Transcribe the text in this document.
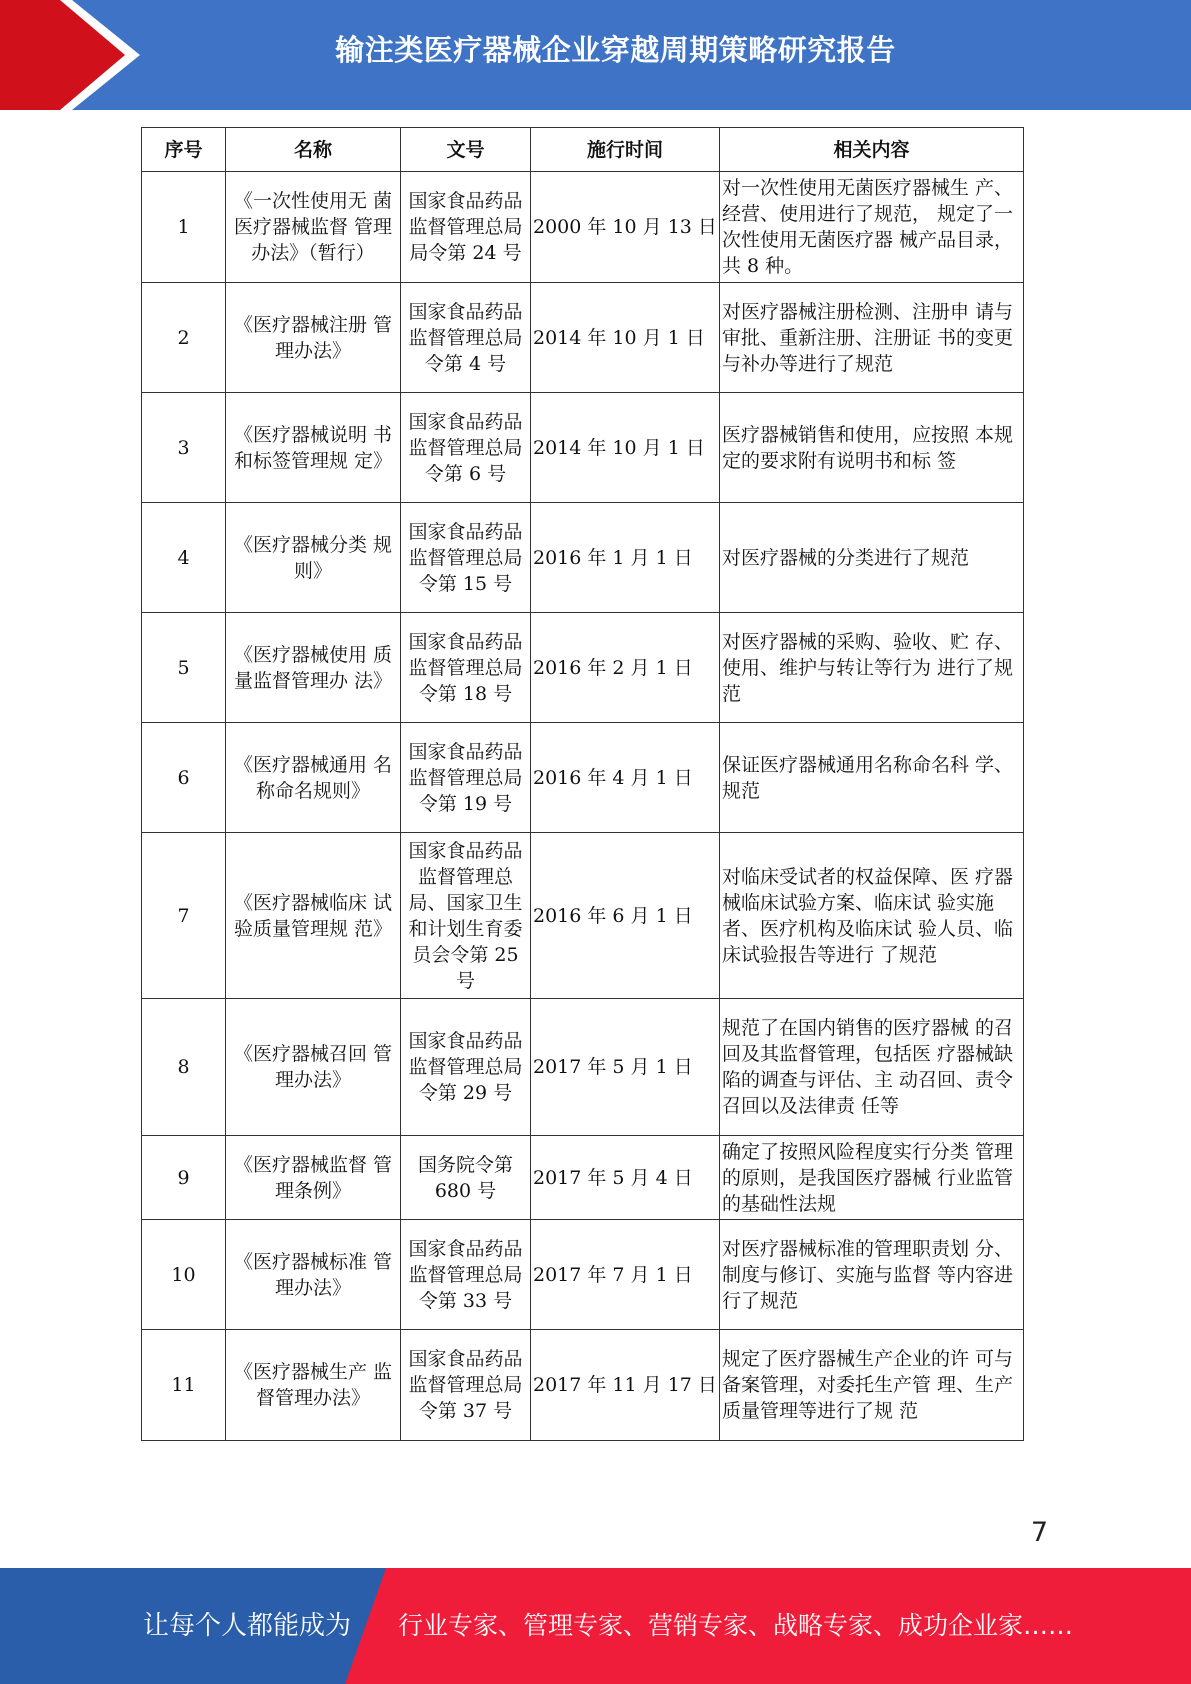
输注类医疗器械企业穿越周期策略研究报告
序号	名称	文号	施行时间	相关内容
1	《一次性使用无 菌医疗器械监督 管理办法》（暂行）	国家食品药品监督管理总局局令第 24 号	2000 年 10 月 13 日	对一次性使用无菌医疗器械生 产、经营、使用进行了规范， 规定了一次性使用无菌医疗器 械产品目录，共 8 种。
2	《医疗器械注册 管理办法》	国家食品药品监督管理总局令第 4 号	2014 年 10 月 1 日	对医疗器械注册检测、注册申 请与审批、重新注册、注册证 书的变更与补办等进行了规范
3	《医疗器械说明 书和标签管理规 定》	国家食品药品监督管理总局令第 6 号	2014 年 10 月 1 日	医疗器械销售和使用，应按照 本规定的要求附有说明书和标 签
4	《医疗器械分类 规则》	国家食品药品监督管理总局令第 15 号	2016 年 1 月 1 日	对医疗器械的分类进行了规范
5	《医疗器械使用 质量监督管理办 法》	国家食品药品监督管理总局令第 18 号	2016 年 2 月 1 日	对医疗器械的采购、验收、贮 存、使用、维护与转让等行为 进行了规范
6	《医疗器械通用 名称命名规则》	国家食品药品监督管理总局令第 19 号	2016 年 4 月 1 日	保证医疗器械通用名称命名科 学、规范
7	《医疗器械临床 试验质量管理规 范》	国家食品药品监督管理总局、国家卫生和计划生育委员会令第 25 号	2016 年 6 月 1 日	对临床受试者的权益保障、医 疗器械临床试验方案、临床试 验实施者、医疗机构及临床试 验人员、临床试验报告等进行 了规范
8	《医疗器械召回 管理办法》	国家食品药品监督管理总局令第 29 号	2017 年 5 月 1 日	规范了在国内销售的医疗器械 的召回及其监督管理，包括医 疗器械缺陷的调查与评估、主 动召回、责令召回以及法律责 任等
9	《医疗器械监督 管理条例》	国务院令第 680 号	2017 年 5 月 4 日	确定了按照风险程度实行分类 管理的原则，是我国医疗器械 行业监管的基础性法规
10	《医疗器械标准 管理办法》	国家食品药品监督管理总局令第 33 号	2017 年 7 月 1 日	对医疗器械标准的管理职责划 分、制度与修订、实施与监督 等内容进行了规范
11	《医疗器械生产 监督管理办法》	国家食品药品监督管理总局令第 37 号	2017 年 11 月 17 日	规定了医疗器械生产企业的许 可与备案管理，对委托生产管 理、生产质量管理等进行了规 范
7
让每个人都能成为 行业专家、管理专家、营销专家、战略专家、成功企业家……
